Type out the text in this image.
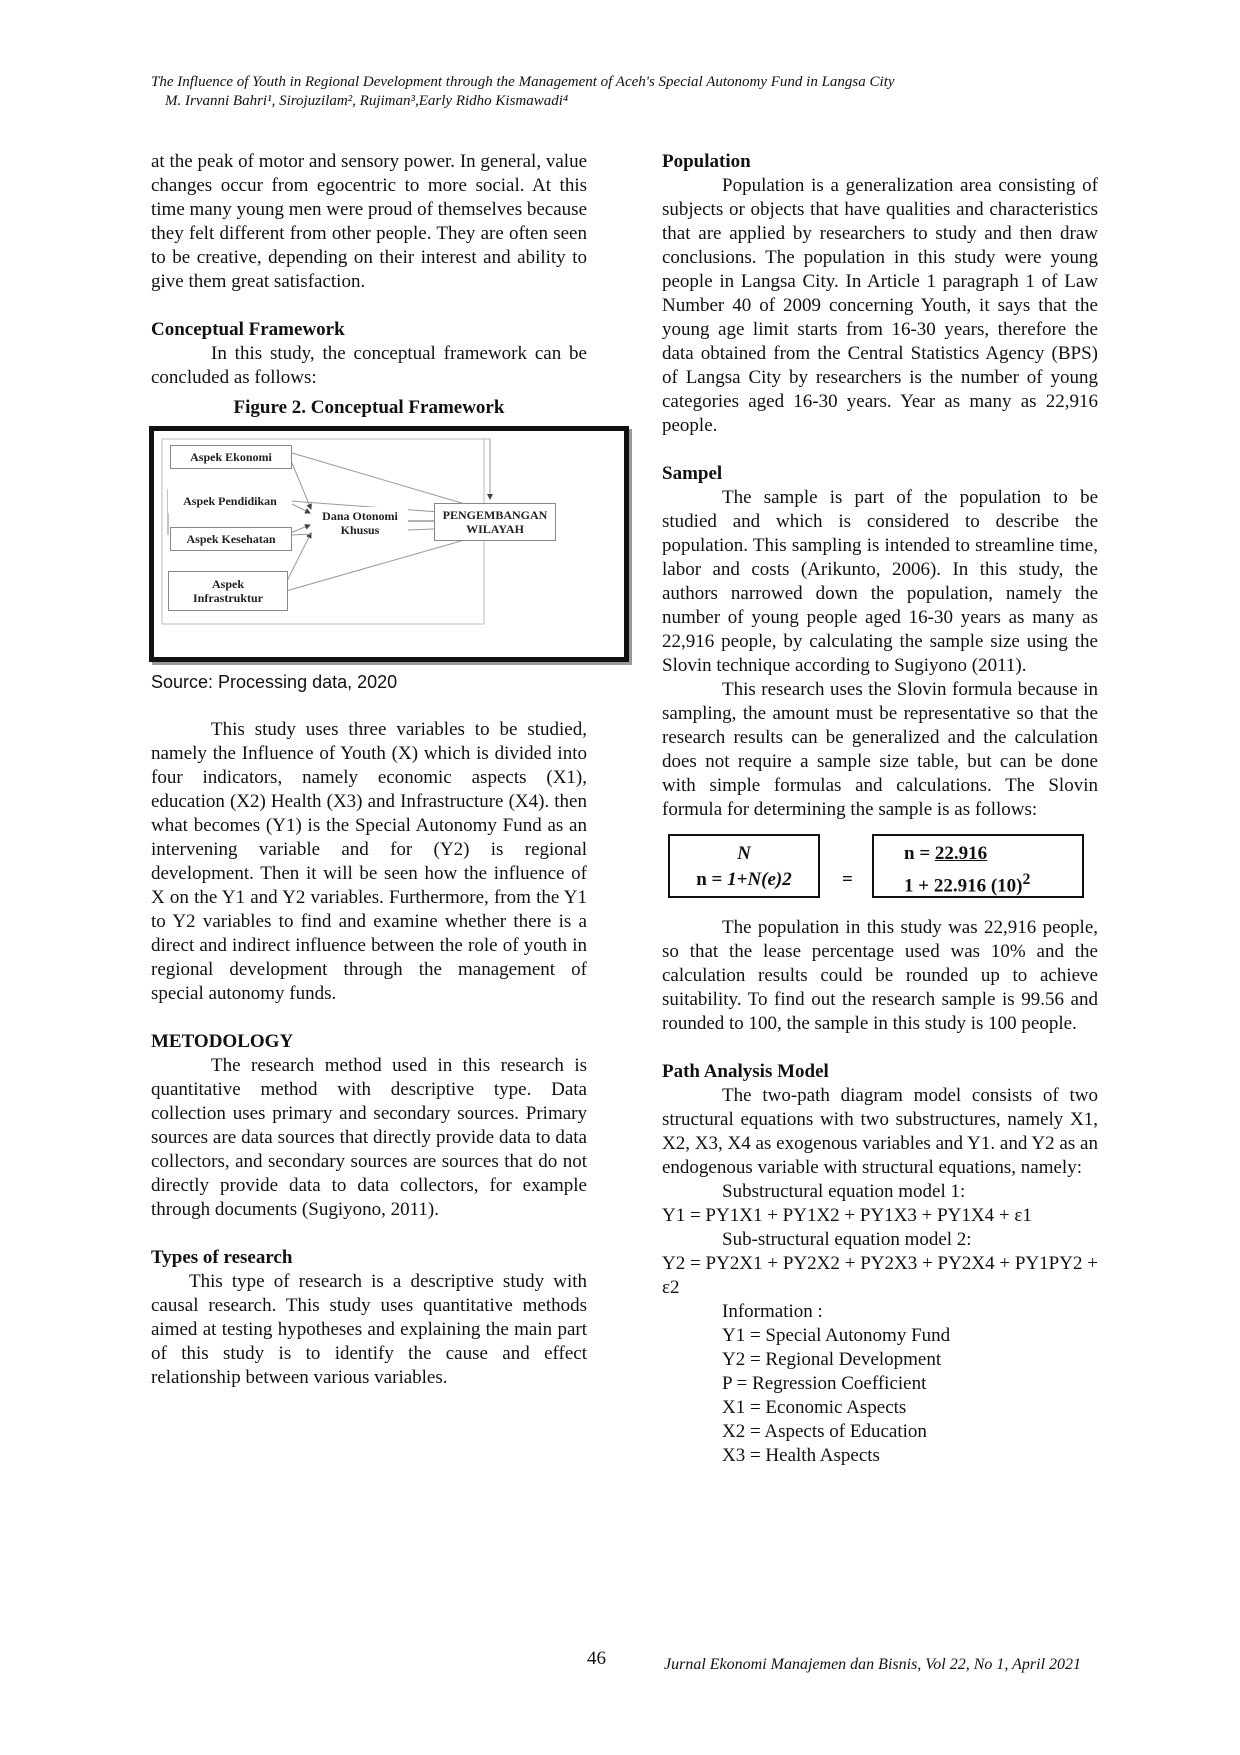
The Influence of Youth in Regional Development through the Management of Aceh's Special Autonomy Fund in Langsa City
M. Irvanni Bahri¹, Sirojuzilam², Rujiman³,Early Ridho Kismawadi⁴

at the peak of motor and sensory power. In general, value changes occur from egocentric to more social. At this time many young men were proud of themselves because they felt different from other people. They are often seen to be creative, depending on their interest and ability to give them great satisfaction.

Conceptual Framework

In this study, the conceptual framework can be concluded as follows:

Figure 2. Conceptual Framework
Aspek Ekonomi
Aspek Pendidikan
Aspek Kesehatan
Aspek
Infrastruktur
Dana Otonomi
Khusus
PENGEMBANGAN
WILAYAH
Source: Processing data, 2020

This study uses three variables to be studied, namely the Influence of Youth (X) which is divided into four indicators, namely economic aspects (X1), education (X2) Health (X3) and Infrastructure (X4). then what becomes (Y1) is the Special Autonomy Fund as an intervening variable and for (Y2) is regional development. Then it will be seen how the influence of X on the Y1 and Y2 variables. Furthermore, from the Y1 to Y2 variables to find and examine whether there is a direct and indirect influence between the role of youth in regional development through the management of special autonomy funds.

METODOLOGY

The research method used in this research is quantitative method with descriptive type. Data collection uses primary and secondary sources. Primary sources are data sources that directly provide data to data collectors, and secondary sources are sources that do not directly provide data to data collectors, for example through documents (Sugiyono, 2011).

Types of research

This type of research is a descriptive study with causal research. This study uses quantitative methods aimed at testing hypotheses and explaining the main part of this study is to identify the cause and effect relationship between various variables.

Population

Population is a generalization area consisting of subjects or objects that have qualities and characteristics that are applied by researchers to study and then draw conclusions. The population in this study were young people in Langsa City. In Article 1 paragraph 1 of Law Number 40 of 2009 concerning Youth, it says that the young age limit starts from 16-30 years, therefore the data obtained from the Central Statistics Agency (BPS) of Langsa City by researchers is the number of young categories aged 16-30 years. Year as many as 22,916 people.

Sampel

The sample is part of the population to be studied and which is considered to describe the population. This sampling is intended to streamline time, labor and costs (Arikunto, 2006). In this study, the authors narrowed down the population, namely the number of young people aged 16-30 years as many as 22,916 people, by calculating the sample size using the Slovin technique according to Sugiyono (2011).

This research uses the Slovin formula because in sampling, the amount must be representative so that the research results can be generalized and the calculation does not require a sample size table, but can be done with simple formulas and calculations. The Slovin formula for determining the sample is as follows:

N
n = 1+N(e)2	=
n = 22.916
1 + 22.916 $(10)^2$

The population in this study was 22,916 people, so that the lease percentage used was 10% and the calculation results could be rounded up to achieve suitability. To find out the research sample is 99.56 and rounded to 100, the sample in this study is 100 people.

Path Analysis Model

The two-path diagram model consists of two structural equations with two substructures, namely X1, X2, X3, X4 as exogenous variables and Y1. and Y2 as an endogenous variable with structural equations, namely:

Substructural equation model 1:

Y1 = PY1X1 + PY1X2 + PY1X3 + PY1X4 + ε1

Sub-structural equation model 2:

Y2 = PY2X1 + PY2X2 + PY2X3 + PY2X4 + PY1PY2 + ε2

Information :

Y1 = Special Autonomy Fund

Y2 = Regional Development

P = Regression Coefficient

X1 = Economic Aspects

X2 = Aspects of Education

X3 = Health Aspects

46	Jurnal Ekonomi Manajemen dan Bisnis, Vol 22, No 1, April 2021
